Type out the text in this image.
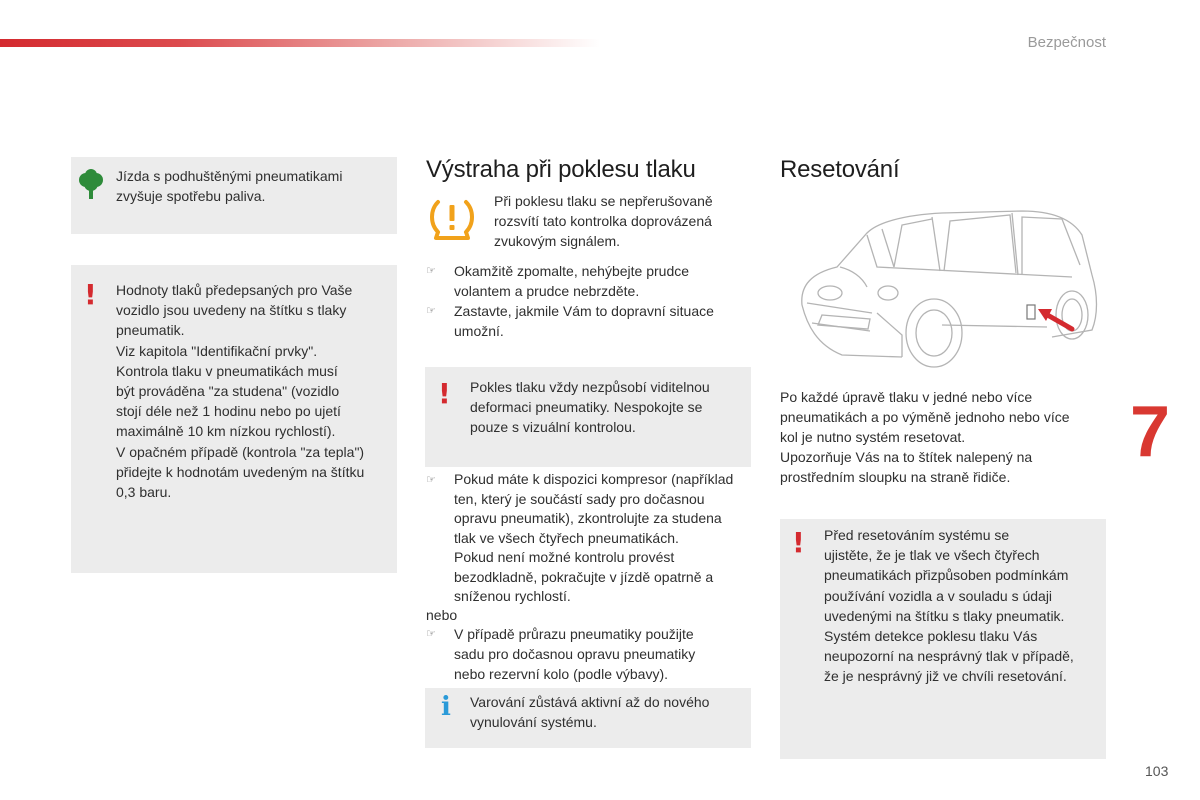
Bezpečnost
Jízda s podhuštěnými pneumatikami zvyšuje spotřebu paliva.
! Hodnoty tlaků předepsaných pro Vaše
vozidlo jsou uvedeny na štítku s tlaky
pneumatik.
Viz kapitola "Identifikační prvky".
Kontrola tlaku v pneumatikách musí
být prováděna "za studena" (vozidlo
stojí déle než 1 hodinu nebo po ujetí
maximálně 10 km nízkou rychlostí).
V opačném případě (kontrola "za tepla")
přidejte k hodnotám uvedeným na štítku
0,3 baru.
Výstraha při poklesu tlaku
Při poklesu tlaku se nepřerušovaně
rozsvítí tato kontrolka doprovázená
zvukovým signálem.
☞ Okamžitě zpomalte, nehýbejte prudce
volantem a prudce nebrzděte.
☞ Zastavte, jakmile Vám to dopravní situace
umožní.
! Pokles tlaku vždy nezpůsobí viditelnou
deformaci pneumatiky. Nespokojte se
pouze s vizuální kontrolou.
☞ Pokud máte k dispozici kompresor (například
ten, který je součástí sady pro dočasnou
opravu pneumatik), zkontrolujte za studena
tlak ve všech čtyřech pneumatikách.
Pokud není možné kontrolu provést
bezodkladně, pokračujte v jízdě opatrně a
sníženou rychlostí.
nebo
☞ V případě průrazu pneumatiky použijte
sadu pro dočasnou opravu pneumatiky
nebo rezervní kolo (podle výbavy).
i Varování zůstává aktivní až do nového
vynulování systému.
Resetování
Po každé úpravě tlaku v jedné nebo více
pneumatikách a po výměně jednoho nebo více
kol je nutno systém resetovat.
Upozorňuje Vás na to štítek nalepený na
prostředním sloupku na straně řidiče.
! Před resetováním systému se
ujistěte, že je tlak ve všech čtyřech
pneumatikách přizpůsoben podmínkám
používání vozidla a v souladu s údaji
uvedenými na štítku s tlaky pneumatik.
Systém detekce poklesu tlaku Vás
neupozorní na nesprávný tlak v případě,
že je nesprávný již ve chvíli resetování.
7
103
